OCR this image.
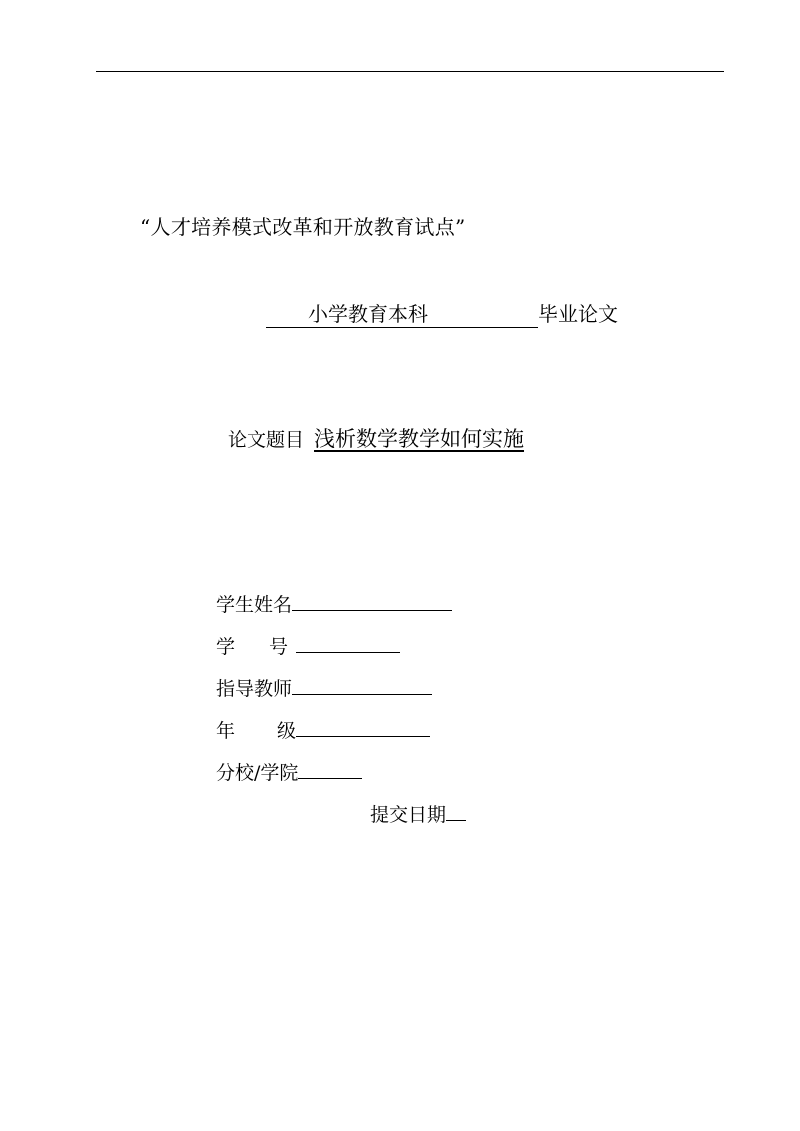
“人才培养模式改革和开放教育试点”
小学教育本科	毕业论文
论文题目 浅析数学教学如何实施
学生姓名
学 号
指导教师
年 级
分校/学院
提交日期
